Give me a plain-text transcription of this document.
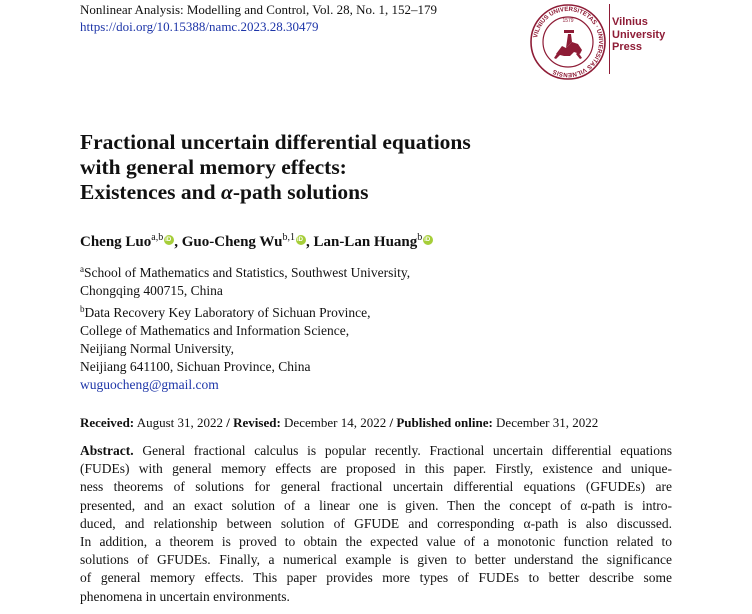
Nonlinear Analysis: Modelling and Control, Vol. 28, No. 1, 152–179
https://doi.org/10.15388/namc.2023.28.30479
VILNIUS UNIVERSITETAS · UNIVERSITAS VILNENSIS
1579	Vilnius
University
Press
Fractional uncertain differential equations
with general memory effects:
Existences and α-path solutions
Cheng Luo$^{a,b}$ iD , Guo-Cheng Wu$^{b,1}$ iD , Lan-Lan Huang$^b$iD
$^a$School of Mathematics and Statistics, Southwest University,
Chongqing 400715, China
$^b$Data Recovery Key Laboratory of Sichuan Province,
College of Mathematics and Information Science,
Neijiang Normal University,
Neijiang 641100, Sichuan Province, China
wuguocheng@gmail.com
Received: August 31, 2022 / Revised: December 14, 2022 / Published online: December 31, 2022
Abstract. General fractional calculus is popular recently. Fractional uncertain differential equations
(FUDEs) with general memory effects are proposed in this paper. Firstly, existence and unique-
ness theorems of solutions for general fractional uncertain differential equations (GFUDEs) are
presented, and an exact solution of a linear one is given. Then the concept of α-path is intro-
duced, and relationship between solution of GFUDE and corresponding α-path is also discussed.
In addition, a theorem is proved to obtain the expected value of a monotonic function related to
solutions of GFUDEs. Finally, a numerical example is given to better understand the significance
of general memory effects. This paper provides more types of FUDEs to better describe some
phenomena in uncertain environments.
